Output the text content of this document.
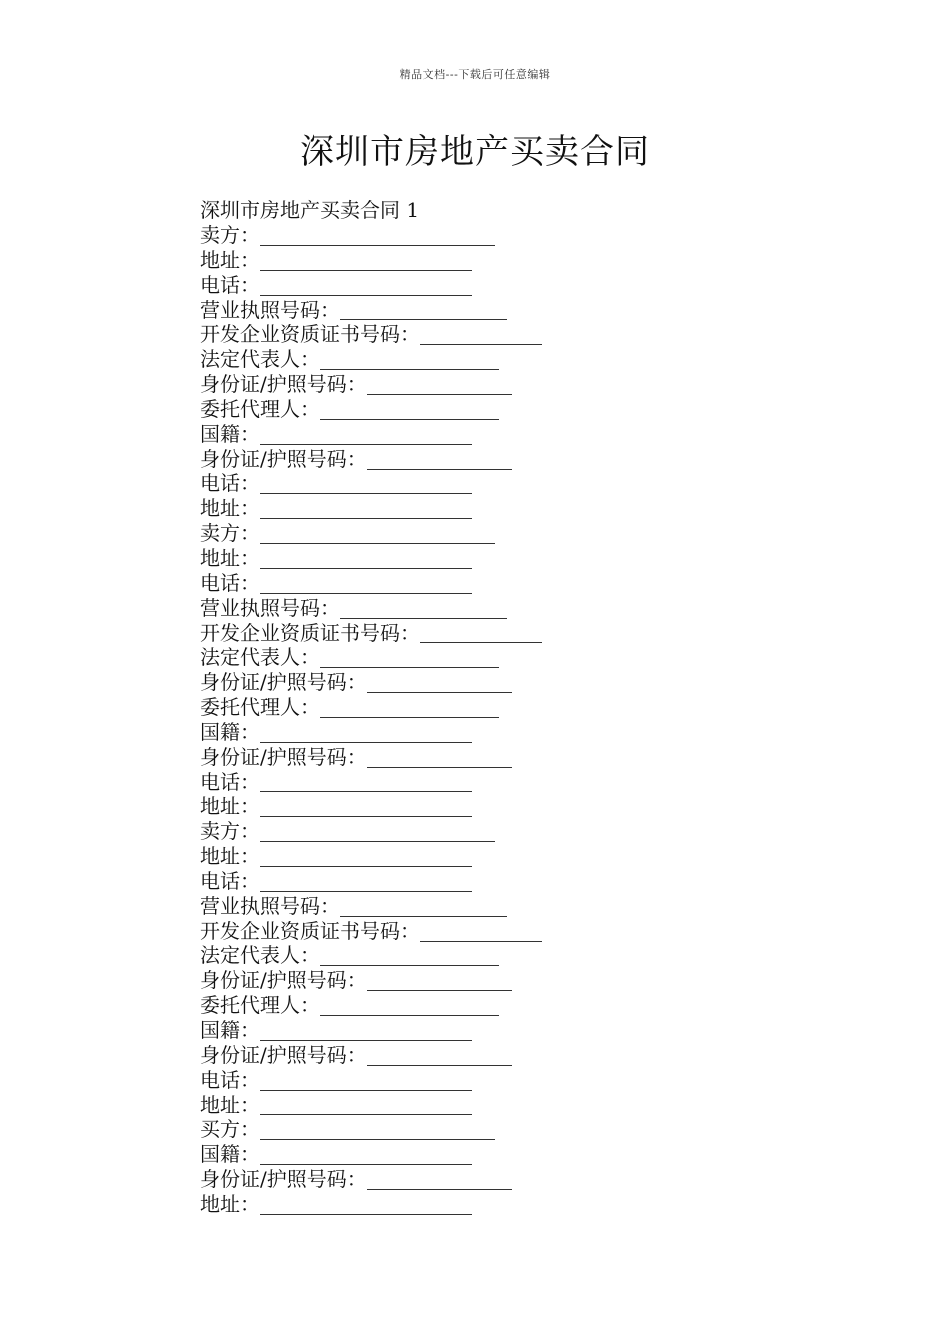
精品文档---下载后可任意编辑
深圳市房地产买卖合同
深圳市房地产买卖合同 1
卖方：
地址：
电话：
营业执照号码：
开发企业资质证书号码：
法定代表人：
身份证/护照号码：
委托代理人：
国籍：
身份证/护照号码：
电话：
地址：
卖方：
地址：
电话：
营业执照号码：
开发企业资质证书号码：
法定代表人：
身份证/护照号码：
委托代理人：
国籍：
身份证/护照号码：
电话：
地址：
卖方：
地址：
电话：
营业执照号码：
开发企业资质证书号码：
法定代表人：
身份证/护照号码：
委托代理人：
国籍：
身份证/护照号码：
电话：
地址：
买方：
国籍：
身份证/护照号码：
地址：
